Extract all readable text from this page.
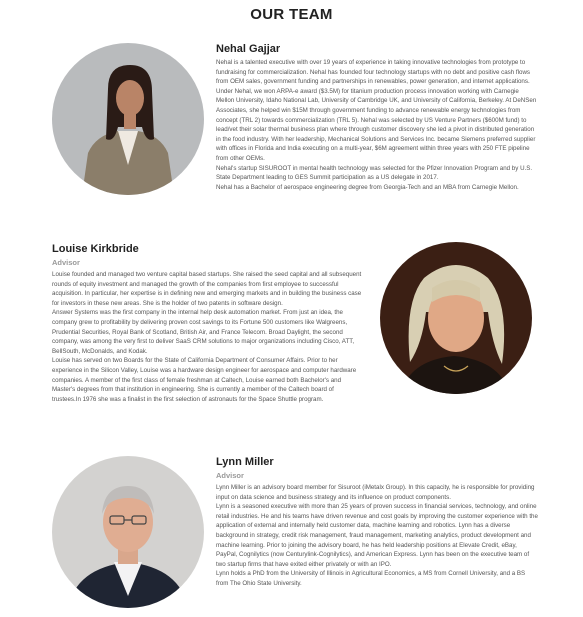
OUR TEAM
Nehal Gajjar

Nehal is a talented executive with over 19 years of experience in taking innovative technologies from prototype to fundraising for commercialization. Nehal has founded four technology startups with no debt and positive cash flows from OEM sales, government funding and partnerships in renewables, power generation, and internet applications. Under Nehal, we won ARPA-e award ($3.5M) for titanium production process innovation working with Carnegie Mellon University, Idaho National Lab, University of Cambridge UK, and University of California, Berkeley. At DeNSen Associates, she helped win $15M through government funding to advance renewable energy technologies from concept (TRL 2) towards commercialization (TRL 5). Nehal was selected by US Venture Partners ($600M fund) to lead/vet their solar thermal business plan where through customer discovery she led a pivot in distributed generation in the food industry. With her leadership, Mechanical Solutions and Services Inc. became Siemens preferred supplier with offices in Florida and India executing on a multi-year, $6M agreement within three years with 250 FTE pipeline from other OEMs.

Nehal's startup SISUROOT in mental health technology was selected for the Pfizer Innovation Program and by U.S. State Department leading to GES Summit participation as a US delegate in 2017.

Nehal has a Bachelor of aerospace engineering degree from Georgia-Tech and an MBA from Carnegie Mellon.

Louise Kirkbride
Advisor

Louise founded and managed two venture capital based startups. She raised the seed capital and all subsequent rounds of equity investment and managed the growth of the companies from first employee to successful acquisition. In particular, her expertise is in defining new and emerging markets and in building the business case for investors in these new areas. She is the holder of two patents in software design.

Answer Systems was the first company in the internal help desk automation market. From just an idea, the company grew to profitability by delivering proven cost savings to its Fortune 500 customers like Walgreens, Prudential Securities, Royal Bank of Scotland, British Air, and France Telecom. Broad Daylight, the second company, was among the very first to deliver SaaS CRM solutions to major organizations including Cisco, ATT, BellSouth, McDonalds, and Kodak.

Louise has served on two Boards for the State of California Department of Consumer Affairs. Prior to her experience in the Silicon Valley, Louise was a hardware design engineer for aerospace and computer hardware companies. A member of the first class of female freshman at Caltech, Louise earned both Bachelor's and Master's degrees from that institution in engineering. She is currently a member of the Caltech board of trustees.In 1976 she was a finalist in the first selection of astronauts for the Space Shuttle program.

Lynn Miller
Advisor

Lynn Miller is an advisory board member for Sisuroot (iMetalx Group). In this capacity, he is responsible for providing input on data science and business strategy and its influence on product components.

Lynn is a seasoned executive with more than 25 years of proven success in financial services, technology, and online retail industries. He and his teams have driven revenue and cost goals by improving the customer experience with the application of external and internally held customer data, machine learning and robotics. Lynn has a diverse background in strategy, credit risk management, fraud management, marketing analytics, product development and machine learning. Prior to joining the advisory board, he has held leadership positions at Elevate Credit, eBay, PayPal, Cognilytics (now Centurylink-Cognilytics), and American Express. Lynn has been on the executive team of two startup firms that have exited either privately or with an IPO.

Lynn holds a PhD from the University of Illinois in Agricultural Economics, a MS from Cornell University, and a BS from The Ohio State University.
